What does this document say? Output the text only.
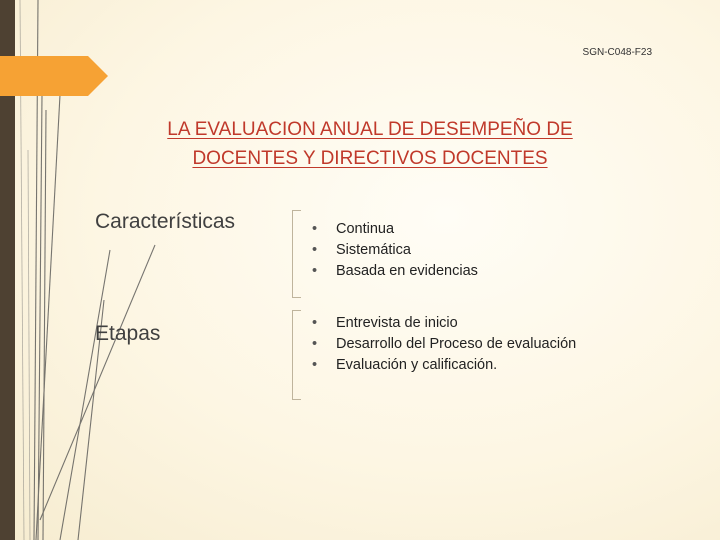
SGN-C048-F23
LA EVALUACION ANUAL DE DESEMPEÑO DE
DOCENTES Y DIRECTIVOS DOCENTES
Características	• Continua
• Sistemática
• Basada en evidencias
Etapas	• Entrevista de inicio
• Desarrollo del Proceso de evaluación
• Evaluación y calificación.
